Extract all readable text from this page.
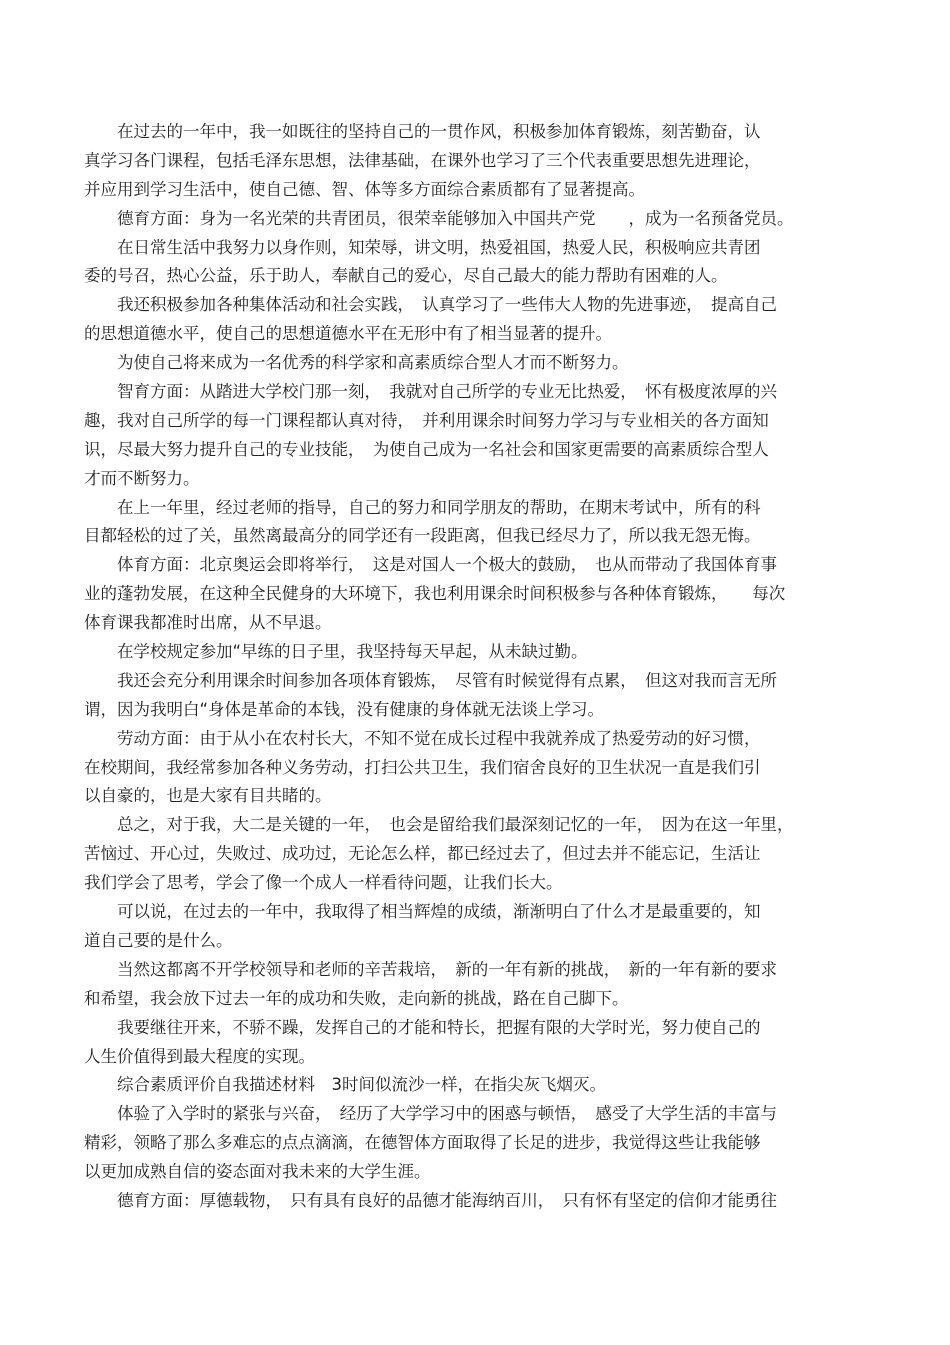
　　在过去的一年中，我一如既往的坚持自己的一贯作风，积极参加体育锻炼，刻苦勤奋，认
真学习各门课程，包括毛泽东思想，法律基础，在课外也学习了三个代表重要思想先进理论，
并应用到学习生活中，使自己德、智、体等多方面综合素质都有了显著提高。
　　德育方面：身为一名光荣的共青团员，很荣幸能够加入中国共产党　　，成为一名预备党员。
　　在日常生活中我努力以身作则，知荣辱，讲文明，热爱祖国，热爱人民，积极响应共青团
委的号召，热心公益，乐于助人，奉献自己的爱心，尽自己最大的能力帮助有困难的人。
　　我还积极参加各种集体活动和社会实践，　认真学习了一些伟大人物的先进事迹，　提高自己
的思想道德水平，使自己的思想道德水平在无形中有了相当显著的提升。
　　为使自己将来成为一名优秀的科学家和高素质综合型人才而不断努力。
　　智育方面：从踏进大学校门那一刻，　我就对自己所学的专业无比热爱，　怀有极度浓厚的兴
趣，我对自己所学的每一门课程都认真对待，　并利用课余时间努力学习与专业相关的各方面知
识，尽最大努力提升自己的专业技能，　为使自己成为一名社会和国家更需要的高素质综合型人
才而不断努力。
　　在上一年里，经过老师的指导，自己的努力和同学朋友的帮助，在期末考试中，所有的科
目都轻松的过了关，虽然离最高分的同学还有一段距离，但我已经尽力了，所以我无怨无悔。
　　体育方面：北京奥运会即将举行，　这是对国人一个极大的鼓励，　也从而带动了我国体育事
业的蓬勃发展，在这种全民健身的大环境下，我也利用课余时间积极参与各种体育锻炼，　　每次
体育课我都准时出席，从不早退。
　　在学校规定参加“早练的日子里，我坚持每天早起，从未缺过勤。
　　我还会充分利用课余时间参加各项体育锻炼，　尽管有时候觉得有点累，　但这对我而言无所
谓，因为我明白“身体是革命的本钱，没有健康的身体就无法谈上学习。
　　劳动方面：由于从小在农村长大，不知不觉在成长过程中我就养成了热爱劳动的好习惯，
在校期间，我经常参加各种义务劳动，打扫公共卫生，我们宿舍良好的卫生状况一直是我们引
以自豪的，也是大家有目共睹的。
　　总之，对于我，大二是关键的一年，　也会是留给我们最深刻记忆的一年，　因为在这一年里，
苦恼过、开心过，失败过、成功过，无论怎么样，都已经过去了，但过去并不能忘记，生活让
我们学会了思考，学会了像一个成人一样看待问题，让我们长大。
　　可以说，在过去的一年中，我取得了相当辉煌的成绩，渐渐明白了什么才是最重要的，知
道自己要的是什么。
　　当然这都离不开学校领导和老师的辛苦栽培，　新的一年有新的挑战，　新的一年有新的要求
和希望，我会放下过去一年的成功和失败，走向新的挑战，路在自己脚下。
　　我要继往开来，不骄不躁，发挥自己的才能和特长，把握有限的大学时光，努力使自己的
人生价值得到最大程度的实现。
　　综合素质评价自我描述材料　3时间似流沙一样，在指尖灰飞烟灭。
　　体验了入学时的紧张与兴奋，　经历了大学学习中的困惑与顿悟，　感受了大学生活的丰富与
精彩，领略了那么多难忘的点点滴滴，在德智体方面取得了长足的进步，我觉得这些让我能够
以更加成熟自信的姿态面对我未来的大学生涯。
　　德育方面：厚德载物，　只有具有良好的品德才能海纳百川，　只有怀有坚定的信仰才能勇往
